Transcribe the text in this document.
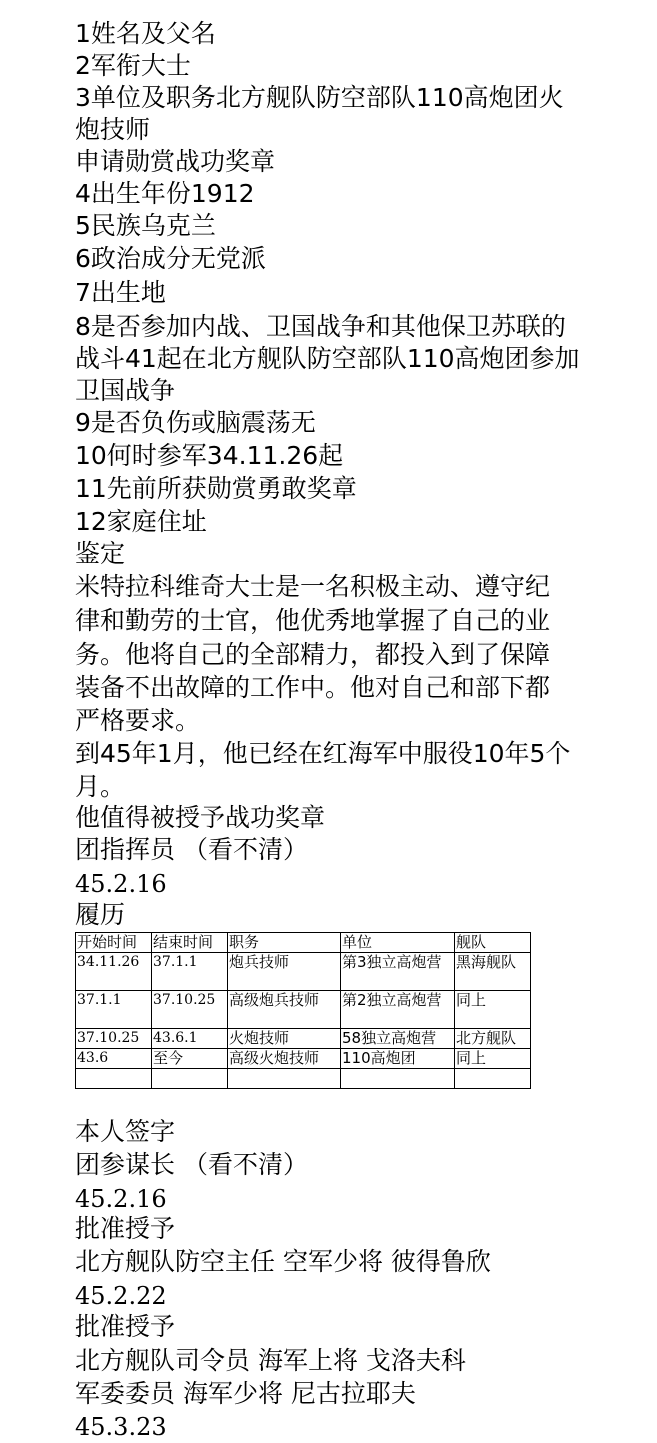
1姓名及父名

2军衔大士

3单位及职务北方舰队防空部队110高炮团火

炮技师

申请勋赏战功奖章

4出生年份1912

5民族乌克兰

6政治成分无党派

7出生地

8是否参加内战、卫国战争和其他保卫苏联的

战斗41起在北方舰队防空部队110高炮团参加

卫国战争

9是否负伤或脑震荡无

10何时参军34.11.26起

11先前所获勋赏勇敢奖章

12家庭住址

鉴定

米特拉科维奇大士是一名积极主动、遵守纪

律和勤劳的士官，他优秀地掌握了自己的业

务。他将自己的全部精力，都投入到了保障

装备不出故障的工作中。他对自己和部下都

严格要求。

到45年1月，他已经在红海军中服役10年5个

月。

他值得被授予战功奖章

团指挥员 （看不清）

45.2.16

履历

开始时间	结束时间	职务	单位	舰队
34.11.26	37.1.1	炮兵技师	第3独立高炮营	黑海舰队
37.1.1	37.10.25	高级炮兵技师	第2独立高炮营	同上
37.10.25	43.6.1	火炮技师	58独立高炮营	北方舰队
43.6	至今	高级火炮技师	110高炮团	同上

本人签字

团参谋长 （看不清）

45.2.16

批准授予

北方舰队防空主任 空军少将 彼得鲁欣

45.2.22

批准授予

北方舰队司令员 海军上将 戈洛夫科

军委委员 海军少将 尼古拉耶夫

45.3.23
